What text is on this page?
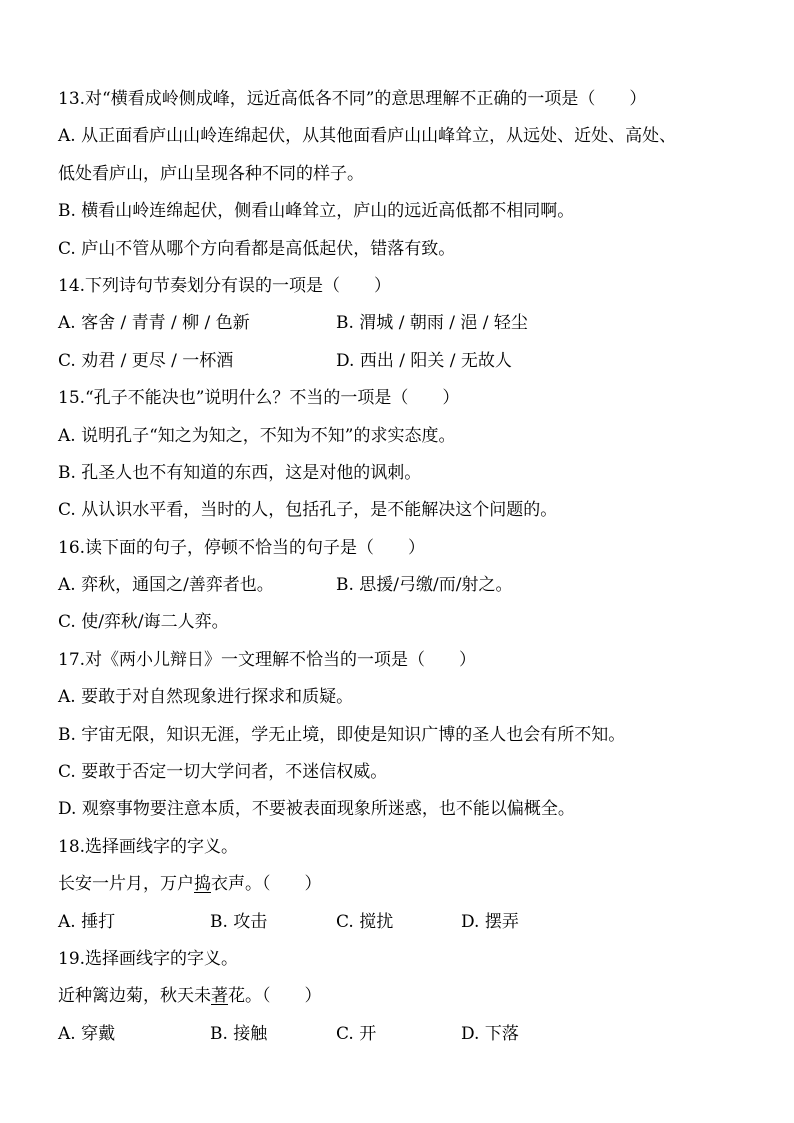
13.对“横看成岭侧成峰，远近高低各不同”的意思理解不正确的一项是（　　）
A. 从正面看庐山山岭连绵起伏，从其他面看庐山山峰耸立，从远处、近处、高处、
低处看庐山，庐山呈现各种不同的样子。
B. 横看山岭连绵起伏，侧看山峰耸立，庐山的远近高低都不相同啊。
C. 庐山不管从哪个方向看都是高低起伏，错落有致。
14.下列诗句节奏划分有误的一项是（　　）
A. 客舍 / 青青 / 柳 / 色新	B. 渭城 / 朝雨 / 浥 / 轻尘
C. 劝君 / 更尽 / 一杯酒	D. 西出 / 阳关 / 无故人
15.“孔子不能决也”说明什么？不当的一项是（　　）
A. 说明孔子“知之为知之，不知为不知”的求实态度。
B. 孔圣人也不有知道的东西，这是对他的讽刺。
C. 从认识水平看，当时的人，包括孔子，是不能解决这个问题的。
16.读下面的句子，停顿不恰当的句子是（　　）
A. 弈秋，通国之/善弈者也。	B. 思援/弓缴/而/射之。
C. 使/弈秋/诲二人弈。
17.对《两小儿辩日》一文理解不恰当的一项是（　　）
A. 要敢于对自然现象进行探求和质疑。
B. 宇宙无限，知识无涯，学无止境，即使是知识广博的圣人也会有所不知。
C. 要敢于否定一切大学问者，不迷信权威。
D. 观察事物要注意本质，不要被表面现象所迷惑，也不能以偏概全。
18.选择画线字的字义。
长安一片月，万户捣衣声。（　　）
A. 捶打	B. 攻击	C. 搅扰	D. 摆弄
19.选择画线字的字义。
近种篱边菊，秋天未著花。（　　）
A. 穿戴	B. 接触	C. 开	D. 下落
